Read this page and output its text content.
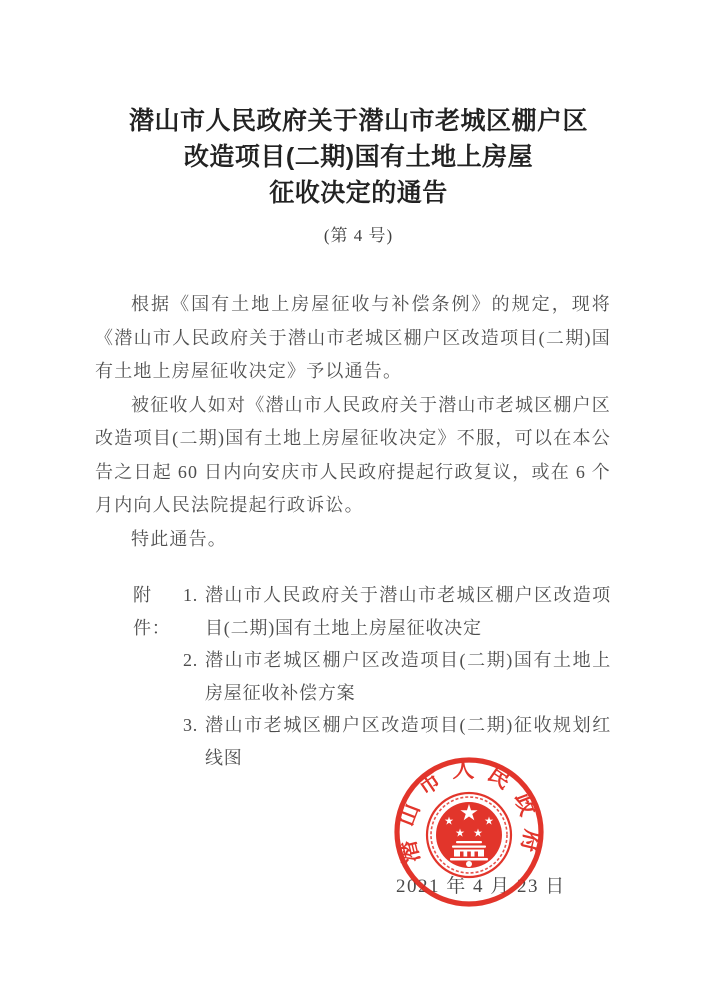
潜山市人民政府关于潜山市老城区棚户区
改造项目(二期)国有土地上房屋
征收决定的通告
(第 4 号)

根据《国有土地上房屋征收与补偿条例》的规定，现将《潜山市人民政府关于潜山市老城区棚户区改造项目(二期)国有土地上房屋征收决定》予以通告。

被征收人如对《潜山市人民政府关于潜山市老城区棚户区改造项目(二期)国有土地上房屋征收决定》不服，可以在本公告之日起 60 日内向安庆市人民政府提起行政复议，或在 6 个月内向人民法院提起行政诉讼。

特此通告。

附件：
1. 潜山市人民政府关于潜山市老城区棚户区改造项目(二期)国有土地上房屋征收决定
2. 潜山市老城区棚户区改造项目(二期)国有土地上房屋征收补偿方案
3. 潜山市老城区棚户区改造项目(二期)征收规划红线图
2021 年 4 月 23 日
潜山市人民政府
